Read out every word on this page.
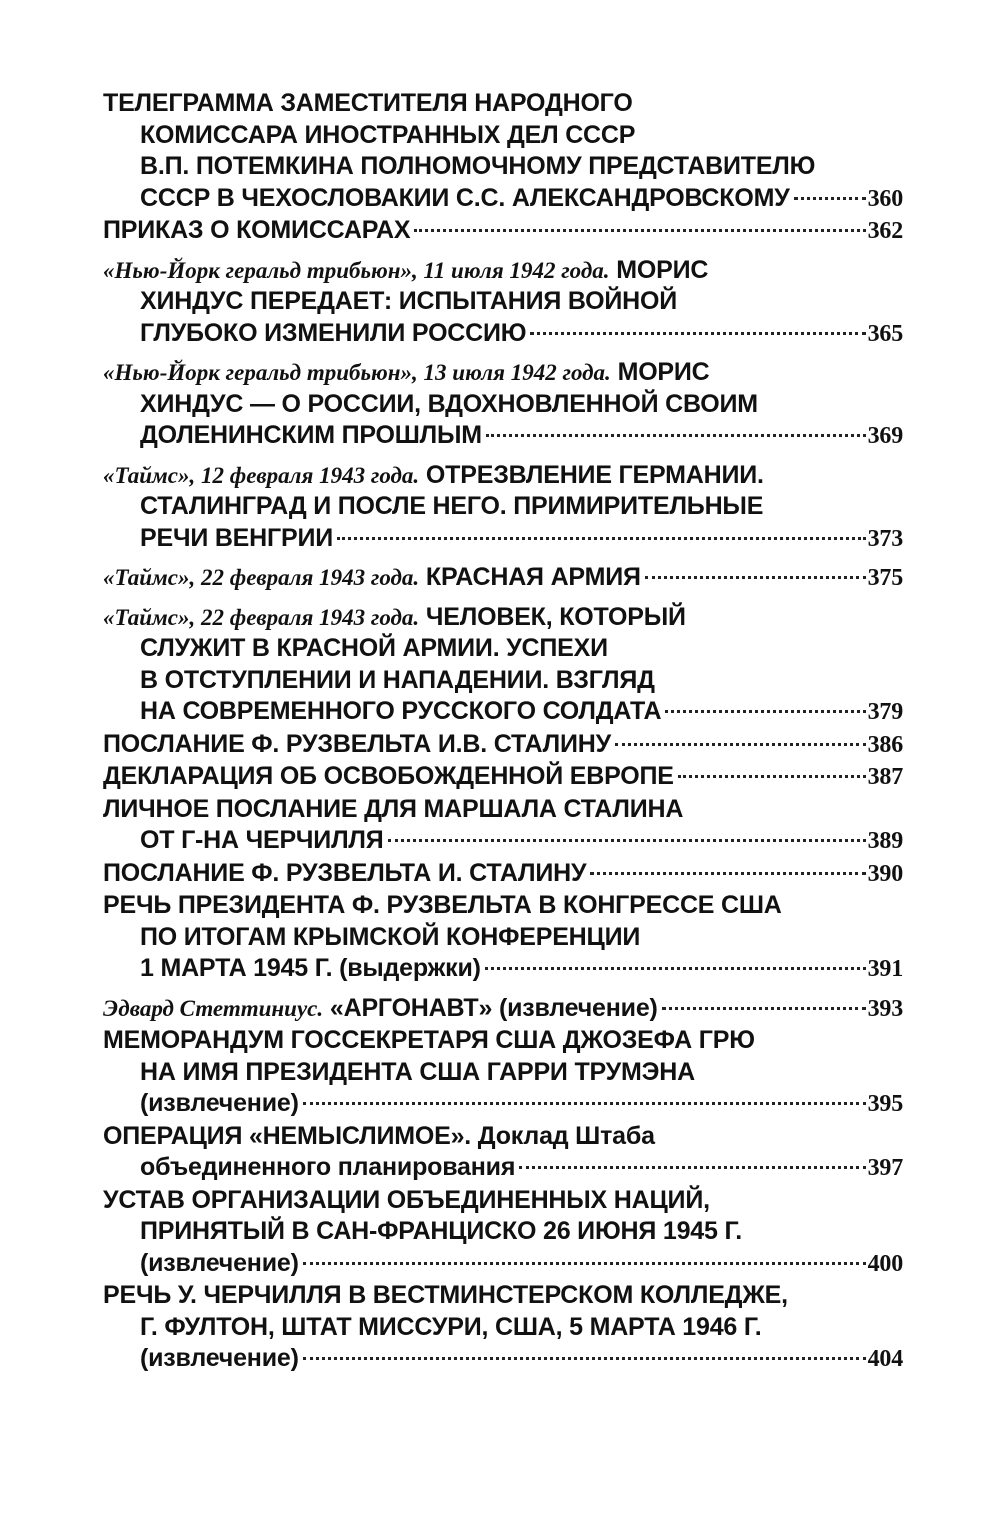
ТЕЛЕГРАММА ЗАМЕСТИТЕЛЯ НАРОДНОГО
КОМИССАРА ИНОСТРАННЫХ ДЕЛ СССР
В.П. ПОТЕМКИНА ПОЛНОМОЧНОМУ ПРЕДСТАВИТЕЛЮ
СССР В ЧЕХОСЛОВАКИИ С.С. АЛЕКСАНДРОВСКОМУ	360
ПРИКАЗ О КОМИССАРАХ	362
«Нью-Йорк геральд трибьюн», 11 июля 1942 года. МОРИС
ХИНДУС ПЕРЕДАЕТ: ИСПЫТАНИЯ ВОЙНОЙ
ГЛУБОКО ИЗМЕНИЛИ РОССИЮ	365
«Нью-Йорк геральд трибьюн», 13 июля 1942 года. МОРИС
ХИНДУС — О РОССИИ, ВДОХНОВЛЕННОЙ СВОИМ
ДОЛЕНИНСКИМ ПРОШЛЫМ	369
«Таймс», 12 февраля 1943 года. ОТРЕЗВЛЕНИЕ ГЕРМАНИИ.
СТАЛИНГРАД И ПОСЛЕ НЕГО. ПРИМИРИТЕЛЬНЫЕ
РЕЧИ ВЕНГРИИ	373
«Таймс», 22 февраля 1943 года. КРАСНАЯ АРМИЯ	375
«Таймс», 22 февраля 1943 года. ЧЕЛОВЕК, КОТОРЫЙ
СЛУЖИТ В КРАСНОЙ АРМИИ. УСПЕХИ
В ОТСТУПЛЕНИИ И НАПАДЕНИИ. ВЗГЛЯД
НА СОВРЕМЕННОГО РУССКОГО СОЛДАТА	379
ПОСЛАНИЕ Ф. РУЗВЕЛЬТА И.В. СТАЛИНУ	386
ДЕКЛАРАЦИЯ ОБ ОСВОБОЖДЕННОЙ ЕВРОПЕ	387
ЛИЧНОЕ ПОСЛАНИЕ ДЛЯ МАРШАЛА СТАЛИНА
ОТ Г-НА ЧЕРЧИЛЛЯ	389
ПОСЛАНИЕ Ф. РУЗВЕЛЬТА И. СТАЛИНУ	390
РЕЧЬ ПРЕЗИДЕНТА Ф. РУЗВЕЛЬТА В КОНГРЕССЕ США
ПО ИТОГАМ КРЫМСКОЙ КОНФЕРЕНЦИИ
1 МАРТА 1945 Г. (выдержки)	391
Эдвард Стеттиниус. «АРГОНАВТ» (извлечение)	393
МЕМОРАНДУМ ГОССЕКРЕТАРЯ США ДЖОЗЕФА ГРЮ
НА ИМЯ ПРЕЗИДЕНТА США ГАРРИ ТРУМЭНА
(извлечение)	395
ОПЕРАЦИЯ «НЕМЫСЛИМОЕ». Доклад Штаба
объединенного планирования	397
УСТАВ ОРГАНИЗАЦИИ ОБЪЕДИНЕННЫХ НАЦИЙ,
ПРИНЯТЫЙ В САН-ФРАНЦИСКО 26 ИЮНЯ 1945 Г.
(извлечение)	400
РЕЧЬ У. ЧЕРЧИЛЛЯ В ВЕСТМИНСТЕРСКОМ КОЛЛЕДЖЕ,
Г. ФУЛТОН, ШТАТ МИССУРИ, США, 5 МАРТА 1946 Г.
(извлечение)	404
